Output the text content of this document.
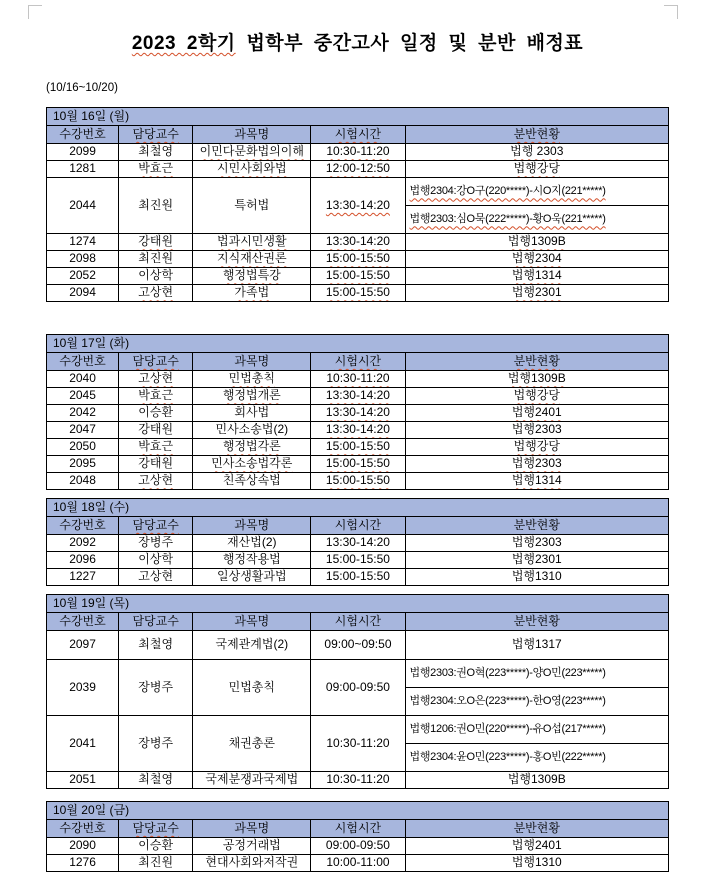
2023 2학기 법학부 중간고사 일정 및 분반 배정표
(10/16~10/20)
10월 16일 (월)				
수강번호	담당교수	과목명	시험시간	분반현황
2099	최철영	이민다문화법의이해	10:30-11:20	법행 2303
1281	박효근	시민사회와법	12:00-12:50	법행강당
2044	최진원	특허법	13:30-14:20	법행2304:강O구(220*****)-시O지(221*****)
				법행2303:심O묵(222*****)-황O욱(221*****)
1274	강태원	법과시민생활	13:30-14:20	법행1309B
2098	최진원	지식재산권론	15:00-15:50	법행2304
2052	이상학	행정법특강	15:00-15:50	법행1314
2094	고상현	가족법	15:00-15:50	법행2301
10월 17일 (화)				
수강번호	담당교수	과목명	시험시간	분반현황
2040	고상현	민법총칙	10:30-11:20	법행1309B
2045	박효근	행정법개론	13:30-14:20	법행강당
2042	이승환	회사법	13:30-14:20	법행2401
2047	강태원	민사소송법(2)	13:30-14:20	법행2303
2050	박효근	행정법각론	15:00-15:50	법행강당
2095	강태원	민사소송법각론	15:00-15:50	법행2303
2048	고상현	친족상속법	15:00-15:50	법행1314
10월 18일 (수)				
수강번호	담당교수	과목명	시험시간	분반현황
2092	장병주	재산법(2)	13:30-14:20	법행2303
2096	이상학	행정작용법	15:00-15:50	법행2301
1227	고상현	일상생활과법	15:00-15:50	법행1310
10월 19일 (목)				
수강번호	담당교수	과목명	시험시간	분반현황
2097	최철영	국제관계법(2)	09:00~09:50	법행1317
2039	장병주	민법총칙	09:00-09:50	법행2303:권O혁(223*****)-양O민(223*****)
				법행2304:오O은(223*****)-한O영(223*****)
2041	장병주	채권총론	10:30-11:20	법행1206:권O민(220*****)-유O섭(217*****)
				법행2304:윤O민(223*****)-홍O빈(222*****)
2051	최철영	국제분쟁과국제법	10:30-11:20	법행1309B
10월 20일 (금)				
수강번호	담당교수	과목명	시험시간	분반현황
2090	이승환	공정거래법	09:00-09:50	법행2401
1276	최진원	현대사회와저작권	10:00-11:00	법행1310
